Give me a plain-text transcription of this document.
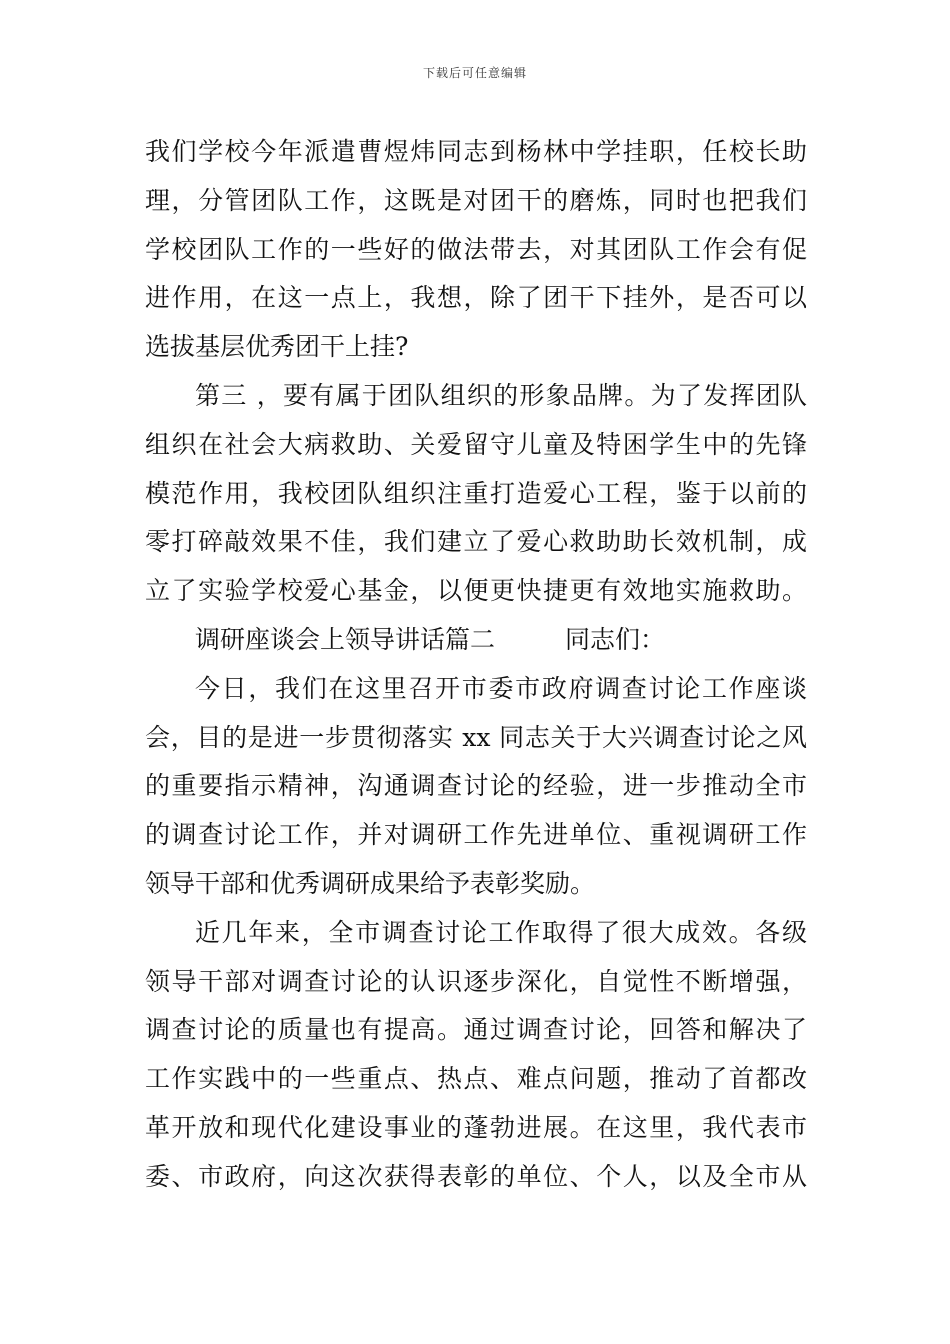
下载后可任意编辑
我们学校今年派遣曹煜炜同志到杨林中学挂职，任校长助
理，分管团队工作，这既是对团干的磨炼，同时也把我们
学校团队工作的一些好的做法带去，对其团队工作会有促
进作用，在这一点上，我想，除了团干下挂外，是否可以
选拔基层优秀团干上挂?
第三 ，要有属于团队组织的形象品牌。为了发挥团队
组织在社会大病救助、关爱留守儿童及特困学生中的先锋
模范作用，我校团队组织注重打造爱心工程，鉴于以前的
零打碎敲效果不佳，我们建立了爱心救助助长效机制，成
立了实验学校爱心基金，以便更快捷更有效地实施救助。
调研座谈会上领导讲话篇二	同志们：
今日，我们在这里召开市委市政府调查讨论工作座谈
会，目的是进一步贯彻落实 xx 同志关于大兴调查讨论之风
的重要指示精神，沟通调查讨论的经验，进一步推动全市
的调查讨论工作，并对调研工作先进单位、重视调研工作
领导干部和优秀调研成果给予表彰奖励。
近几年来，全市调查讨论工作取得了很大成效。各级
领导干部对调查讨论的认识逐步深化，自觉性不断增强，
调查讨论的质量也有提高。通过调查讨论，回答和解决了
工作实践中的一些重点、热点、难点问题，推动了首都改
革开放和现代化建设事业的蓬勃进展。在这里，我代表市
委、市政府，向这次获得表彰的单位、个人，以及全市从
